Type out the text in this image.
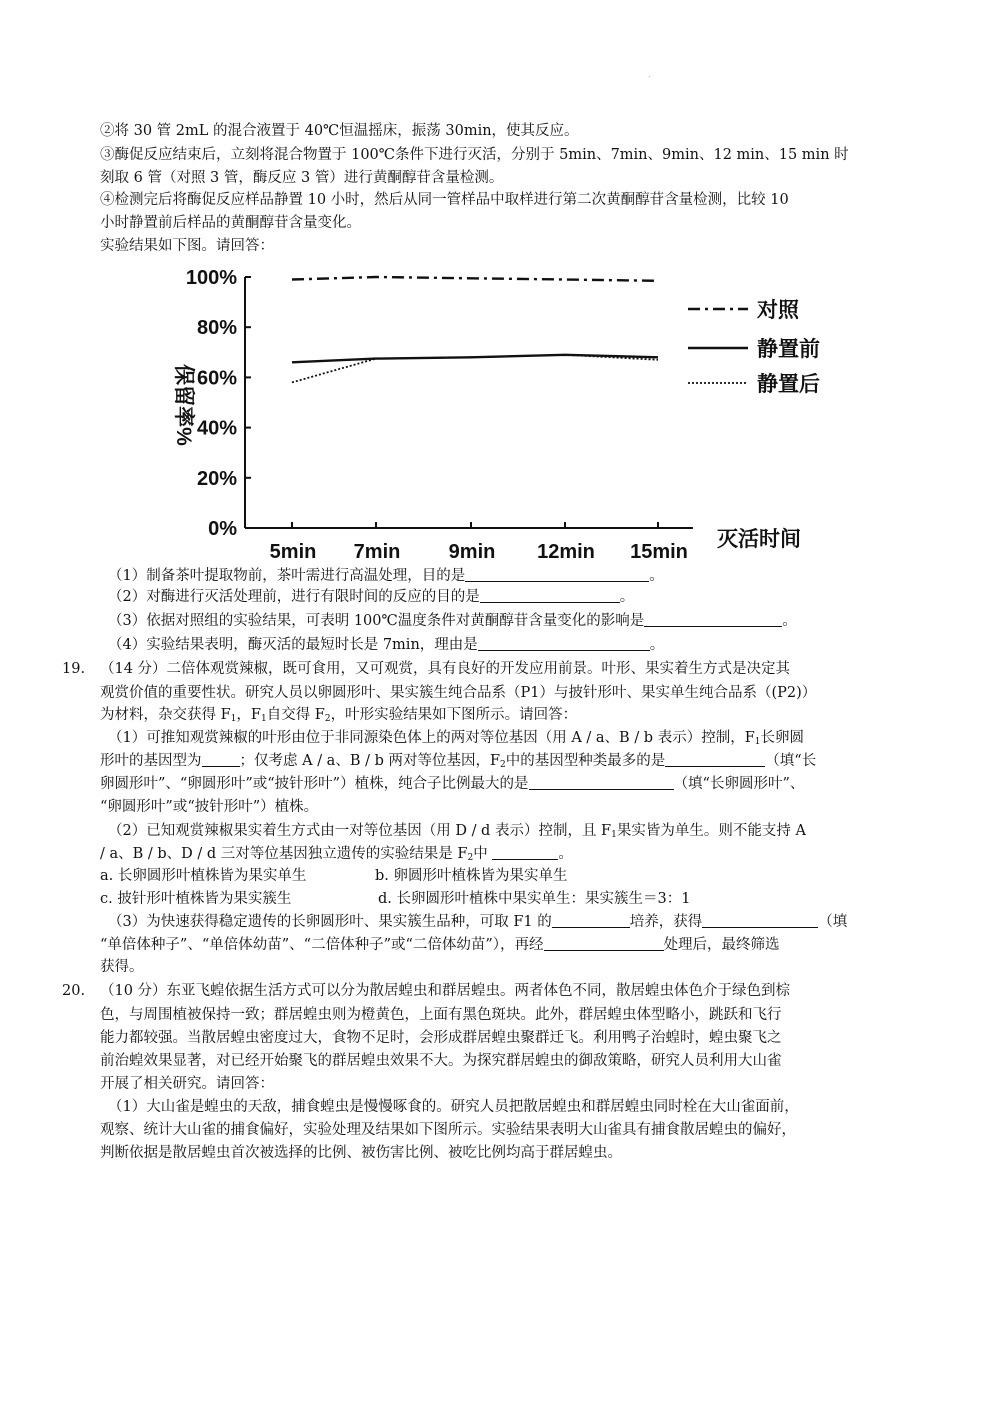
.
②将 30 管 2mL 的混合液置于 40℃恒温摇床，振荡 30min，使其反应。
③酶促反应结束后，立刻将混合物置于 100℃条件下进行灭活，分别于 5min、7min、9min、12 min、15 min 时
刻取 6 管（对照 3 管，酶反应 3 管）进行黄酮醇苷含量检测。
④检测完后将酶促反应样品静置 10 小时，然后从同一管样品中取样进行第二次黄酮醇苷含量检测，比较 10
小时静置前后样品的黄酮醇苷含量变化。
实验结果如下图。请回答：
100%
80%
60%
40%
20%
0%
5min 7min 9min 12min 15min
保留率%
灭活时间
对照
静置前
静置后
（1）制备茶叶提取物前，茶叶需进行高温处理，目的是	。
（2）对酶进行灭活处理前，进行有限时间的反应的目的是	。
（3）依据对照组的实验结果，可表明 100℃温度条件对黄酮醇苷含量变化的影响是	。
（4）实验结果表明，酶灭活的最短时长是 7min，理由是	。
19. （14 分）二倍体观赏辣椒，既可食用，又可观赏，具有良好的开发应用前景。叶形、果实着生方式是决定其
观赏价值的重要性状。研究人员以卵圆形叶、果实簇生纯合品系（P1）与披针形叶、果实单生纯合品系（(P2)）
为材料，杂交获得 $F_1$，$F_1$自交得 $F_2$，叶形实验结果如下图所示。请回答：
（1）可推知观赏辣椒的叶形由位于非同源染色体上的两对等位基因（用 A / a、B / b 表示）控制，$F_1$长卵圆
形叶的基因型为	；仅考虑 A / a、B / b 两对等位基因，$F_2$中的基因型种类最多的是	（填“长
卵圆形叶”、“卵圆形叶”或“披针形叶”）植株，纯合子比例最大的是	（填“长卵圆形叶”、
“卵圆形叶”或“披针形叶”）植株。
（2）已知观赏辣椒果实着生方式由一对等位基因（用 D / d 表示）控制，且 $F_1$果实皆为单生。则不能支持 A
/ a、B / b、D / d 三对等位基因独立遗传的实验结果是 $F_2$中	。
a. 长卵圆形叶植株皆为果实单生	b. 卵圆形叶植株皆为果实单生
c. 披针形叶植株皆为果实簇生	d. 长卵圆形叶植株中果实单生：果实簇生＝3：1
（3）为快速获得稳定遗传的长卵圆形叶、果实簇生品种，可取 F1 的	培养，获得	（填
“单倍体种子”、“单倍体幼苗”、“二倍体种子”或“二倍体幼苗”），再经	处理后，最终筛选
获得。
20. （10 分）东亚飞蝗依据生活方式可以分为散居蝗虫和群居蝗虫。两者体色不同，散居蝗虫体色介于绿色到棕
色，与周围植被保持一致；群居蝗虫则为橙黄色，上面有黑色斑块。此外，群居蝗虫体型略小，跳跃和飞行
能力都较强。当散居蝗虫密度过大，食物不足时，会形成群居蝗虫聚群迁飞。利用鸭子治蝗时，蝗虫聚飞之
前治蝗效果显著，对已经开始聚飞的群居蝗虫效果不大。为探究群居蝗虫的御敌策略，研究人员利用大山雀
开展了相关研究。请回答：
（1）大山雀是蝗虫的天敌，捕食蝗虫是慢慢啄食的。研究人员把散居蝗虫和群居蝗虫同时栓在大山雀面前，
观察、统计大山雀的捕食偏好，实验处理及结果如下图所示。实验结果表明大山雀具有捕食散居蝗虫的偏好，
判断依据是散居蝗虫首次被选择的比例、被伤害比例、被吃比例均高于群居蝗虫。
